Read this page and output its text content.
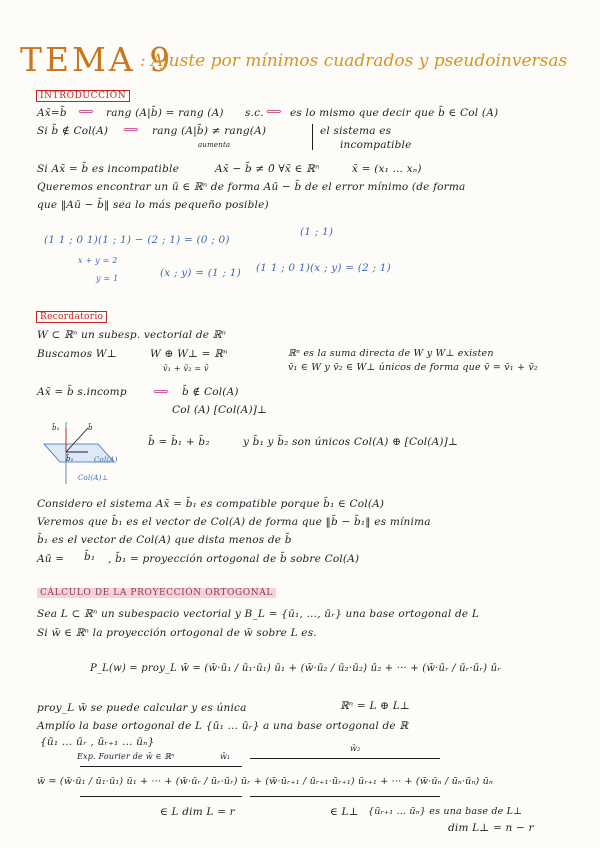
TEMA 9
: Ajuste por mínimos cuadrados y pseudoinversas
INTRODUCCIÓN
Ax̄=b̄ ⟺ rang (A|b̄) = rang (A) s.c. ⟺ es lo mismo que decir que b̄ ∈ Col (A)
Si b̄ ∉ Col(A) ⟺ rang (A|b̄) ≠ rang(A)
aumenta
el sistema es
incompatible
Si Ax̄ = b̄ es incompatible	Ax̄ − b̄ ≠ 0̄ ∀x̄ ∈ ℝⁿ	x̄ = (x₁ … xₙ)
Queremos encontrar un ū ∈ ℝⁿ de forma Aū − b̄ de el error mínimo (de forma
que ‖Aū − b̄‖ sea lo más pequeño posible)
(1 1 ; 0 1)(1 ; 1) − (2 ; 1) = (0 ; 0)
(1 ; 1)
x + y = 2
y = 1	(x ; y) = (1 ; 1) (1 1 ; 0 1)(x ; y) = (2 ; 1)
Recordatorio
W ⊂ ℝⁿ un subesp. vectorial de ℝⁿ
Buscamos W⊥	W ⊕ W⊥ = ℝⁿ
v̄₁ + v̄₂ = v̄
ℝⁿ es la suma directa de W y W⊥ existen
v̄₁ ∈ W y v̄₂ ∈ W⊥ únicos de forma que v̄ = v̄₁ + v̄₂
Ax̄ = b̄ s.incomp ⟺ b̄ ∉ Col(A)
Col (A) [Col(A)]⊥
b̄₂	b̄
b̄₁	Col(A)
Col(A)⊥
b̄ = b̄₁ + b̄₂	y b̄₁ y b̄₂ son únicos Col(A) ⊕ [Col(A)]⊥
Considero el sistema Ax̄ = b̄₁ es compatible porque b̄₁ ∈ Col(A)
Veremos que b̄₁ es el vector de Col(A) de forma que ‖b̄ − b̄₁‖ es mínima
b̄₁ es el vector de Col(A) que dista menos de b̄
Aū = b̄₁ , b̄₁ = proyección ortogonal de b̄ sobre Col(A)
CÁLCULO DE LA PROYECCIÓN ORTOGONAL
Sea L ⊂ ℝⁿ un subespacio vectorial y B_L = {ū₁, …, ūᵣ} una base ortogonal de L
Si w̄ ∈ ℝⁿ la proyección ortogonal de w̄ sobre L es.
P_L(w) = proy_L w̄ = (w̄·ū₁ / ū₁·ū₁) ū₁ + (w̄·ū₂ / ū₂·ū₂) ū₂ + ··· + (w̄·ūᵣ / ūᵣ·ūᵣ) ūᵣ
proy_L w̄ se puede calcular y es única	ℝⁿ = L ⊕ L⊥
Amplío la base ortogonal de L {ū₁ … ūᵣ} a una base ortogonal de ℝ
{ū₁ … ūᵣ , ūᵣ₊₁ … ūₙ}
Exp. Fourier de w̄ ∈ ℝⁿ	w̄₁
w̄₂
w̄ = (w̄·ū₁ / ū₁·ū₁) ū₁ + ··· + (w̄·ūᵣ / ūᵣ·ūᵣ) ūᵣ + (w̄·ūᵣ₊₁ / ūᵣ₊₁·ūᵣ₊₁) ūᵣ₊₁ + ··· + (w̄·ūₙ / ūₙ·ūₙ) ūₙ
∈ L dim L = r	∈ L⊥ {ūᵣ₊₁ … ūₙ} es una base de L⊥
dim L⊥ = n − r
